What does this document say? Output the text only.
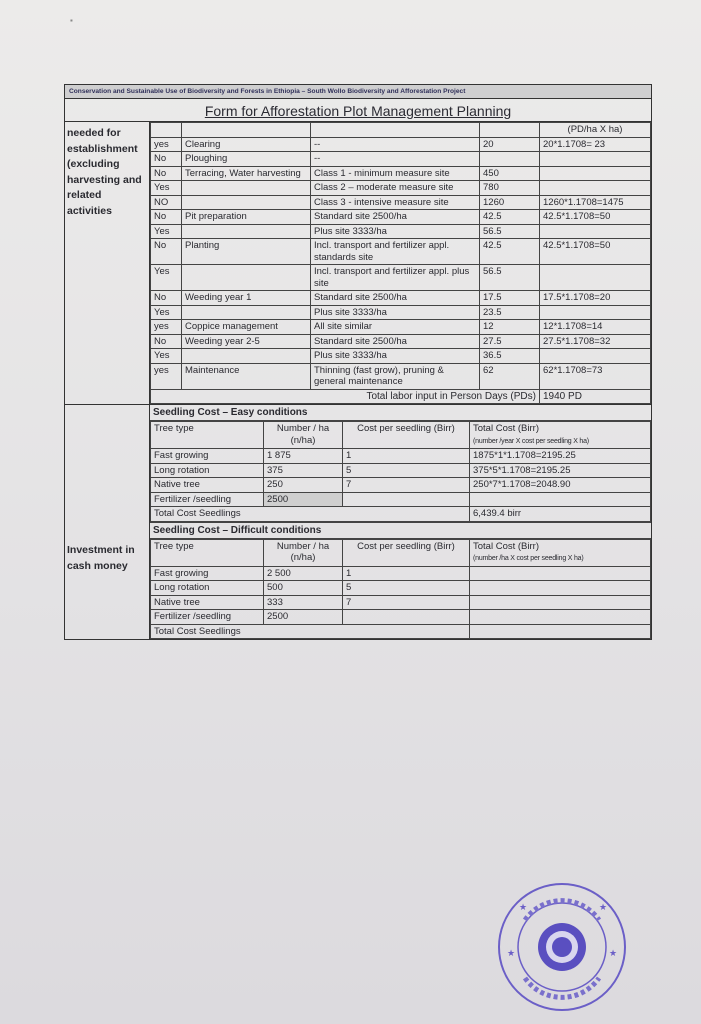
▪
Conservation and Sustainable Use of Biodiversity and Forests in Ethiopia – South Wollo Biodiversity and Afforestation Project
Form for Afforestation Plot Management Planning
needed for establishment (excluding harvesting and related activities
				(PD/ha X ha)
yes	Clearing	--	20	20*1.1708= 23
No	Ploughing	--		
No	Terracing, Water harvesting	Class 1 - minimum measure site	450	
Yes		Class 2 – moderate measure site	780	
NO		Class 3 - intensive measure site	1260	1260*1.1708=1475
No	Pit preparation	Standard site 2500/ha	42.5	42.5*1.1708=50
Yes		Plus site 3333/ha	56.5	
No	Planting	Incl. transport and fertilizer appl. standards site	42.5	42.5*1.1708=50
Yes		Incl. transport and fertilizer appl. plus site	56.5	
No	Weeding year 1	Standard site 2500/ha	17.5	17.5*1.1708=20
Yes		Plus site 3333/ha	23.5	
yes	Coppice management	All site similar	12	12*1.1708=14
No	Weeding year 2-5	Standard site 2500/ha	27.5	27.5*1.1708=32
Yes		Plus site 3333/ha	36.5	
yes	Maintenance	Thinning (fast grow), pruning & general maintenance	62	62*1.1708=73
Total labor input in Person Days (PDs)				1940 PD
Investment in cash money
Seedling Cost – Easy conditions
Tree type	Number / ha (n/ha)	Cost per seedling (Birr)	Total Cost (Birr)
(number /year X cost per seedling X ha)
Fast growing	1 875	1	1875*1*1.1708=2195.25
Long rotation	375	5	375*5*1.1708=2195.25
Native tree	250	7	250*7*1.1708=2048.90
Fertilizer /seedling	2500		
Total Cost Seedlings			6,439.4 birr
Seedling Cost – Difficult conditions
Tree type	Number / ha (n/ha)	Cost per seedling (Birr)	Total Cost (Birr)
(number /ha X cost per seedling X ha)
Fast growing	2 500	1	
Long rotation	500	5	
Native tree	333	7	
Fertilizer /seedling	2500		
Total Cost Seedlings			
★	★
★	★
